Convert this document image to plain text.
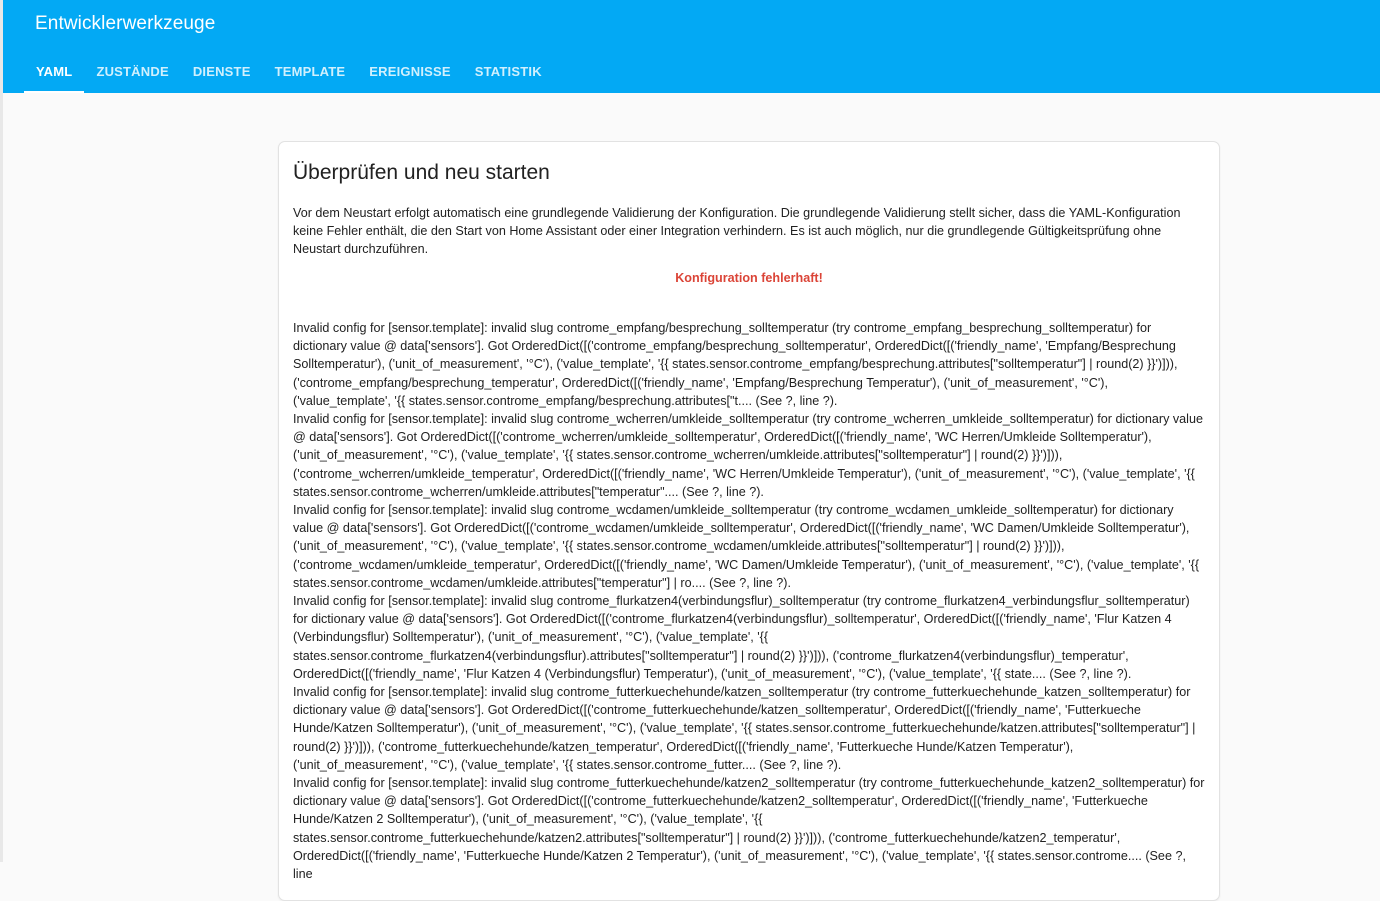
Entwicklerwerkzeuge
YAML	ZUSTÄNDE	DIENSTE	TEMPLATE	EREIGNISSE	STATISTIK
Überprüfen und neu starten

Vor dem Neustart erfolgt automatisch eine grundlegende Validierung der Konfiguration. Die grundlegende Validierung stellt sicher, dass die YAML-Konfiguration keine Fehler enthält, die den Start von Home Assistant oder einer Integration verhindern. Es ist auch möglich, nur die grundlegende Gültigkeitsprüfung ohne Neustart durchzuführen.

Konfiguration fehlerhaft!
Invalid config for [sensor.template]: invalid slug controme_empfang/besprechung_solltemperatur (try controme_empfang_besprechung_solltemperatur) for dictionary value @ data['sensors']. Got OrderedDict([('controme_empfang/besprechung_solltemperatur', OrderedDict([('friendly_name', 'Empfang/Besprechung Solltemperatur'), ('unit_of_measurement', '°C'), ('value_template', '{{ states.sensor.controme_empfang/besprechung.attributes["solltemperatur"] | round(2) }}')])), ('controme_empfang/besprechung_temperatur', OrderedDict([('friendly_name', 'Empfang/Besprechung Temperatur'), ('unit_of_measurement', '°C'), ('value_template', '{{ states.sensor.controme_empfang/besprechung.attributes["t.... (See ?, line ?).
Invalid config for [sensor.template]: invalid slug controme_wcherren/umkleide_solltemperatur (try controme_wcherren_umkleide_solltemperatur) for dictionary value @ data['sensors']. Got OrderedDict([('controme_wcherren/umkleide_solltemperatur', OrderedDict([('friendly_name', 'WC Herren/Umkleide Solltemperatur'), ('unit_of_measurement', '°C'), ('value_template', '{{ states.sensor.controme_wcherren/umkleide.attributes["solltemperatur"] | round(2) }}')])), ('controme_wcherren/umkleide_temperatur', OrderedDict([('friendly_name', 'WC Herren/Umkleide Temperatur'), ('unit_of_measurement', '°C'), ('value_template', '{{ states.sensor.controme_wcherren/umkleide.attributes["temperatur".... (See ?, line ?).
Invalid config for [sensor.template]: invalid slug controme_wcdamen/umkleide_solltemperatur (try controme_wcdamen_umkleide_solltemperatur) for dictionary value @ data['sensors']. Got OrderedDict([('controme_wcdamen/umkleide_solltemperatur', OrderedDict([('friendly_name', 'WC Damen/Umkleide Solltemperatur'), ('unit_of_measurement', '°C'), ('value_template', '{{ states.sensor.controme_wcdamen/umkleide.attributes["solltemperatur"] | round(2) }}')])), ('controme_wcdamen/umkleide_temperatur', OrderedDict([('friendly_name', 'WC Damen/Umkleide Temperatur'), ('unit_of_measurement', '°C'), ('value_template', '{{ states.sensor.controme_wcdamen/umkleide.attributes["temperatur"] | ro.... (See ?, line ?).
Invalid config for [sensor.template]: invalid slug controme_flurkatzen4(verbindungsflur)_solltemperatur (try controme_flurkatzen4_verbindungsflur_solltemperatur) for dictionary value @ data['sensors']. Got OrderedDict([('controme_flurkatzen4(verbindungsflur)_solltemperatur', OrderedDict([('friendly_name', 'Flur Katzen 4 (Verbindungsflur) Solltemperatur'), ('unit_of_measurement', '°C'), ('value_template', '{{ states.sensor.controme_flurkatzen4(verbindungsflur).attributes["solltemperatur"] | round(2) }}')])), ('controme_flurkatzen4(verbindungsflur)_temperatur', OrderedDict([('friendly_name', 'Flur Katzen 4 (Verbindungsflur) Temperatur'), ('unit_of_measurement', '°C'), ('value_template', '{{ state.... (See ?, line ?).
Invalid config for [sensor.template]: invalid slug controme_futterkuechehunde/katzen_solltemperatur (try controme_futterkuechehunde_katzen_solltemperatur) for dictionary value @ data['sensors']. Got OrderedDict([('controme_futterkuechehunde/katzen_solltemperatur', OrderedDict([('friendly_name', 'Futterkueche Hunde/Katzen Solltemperatur'), ('unit_of_measurement', '°C'), ('value_template', '{{ states.sensor.controme_futterkuechehunde/katzen.attributes["solltemperatur"] | round(2) }}')])), ('controme_futterkuechehunde/katzen_temperatur', OrderedDict([('friendly_name', 'Futterkueche Hunde/Katzen Temperatur'), ('unit_of_measurement', '°C'), ('value_template', '{{ states.sensor.controme_futter.... (See ?, line ?).
Invalid config for [sensor.template]: invalid slug controme_futterkuechehunde/katzen2_solltemperatur (try controme_futterkuechehunde_katzen2_solltemperatur) for dictionary value @ data['sensors']. Got OrderedDict([('controme_futterkuechehunde/katzen2_solltemperatur', OrderedDict([('friendly_name', 'Futterkueche Hunde/Katzen 2 Solltemperatur'), ('unit_of_measurement', '°C'), ('value_template', '{{ states.sensor.controme_futterkuechehunde/katzen2.attributes["solltemperatur"] | round(2) }}')])), ('controme_futterkuechehunde/katzen2_temperatur', OrderedDict([('friendly_name', 'Futterkueche Hunde/Katzen 2 Temperatur'), ('unit_of_measurement', '°C'), ('value_template', '{{ states.sensor.controme.... (See ?, line
